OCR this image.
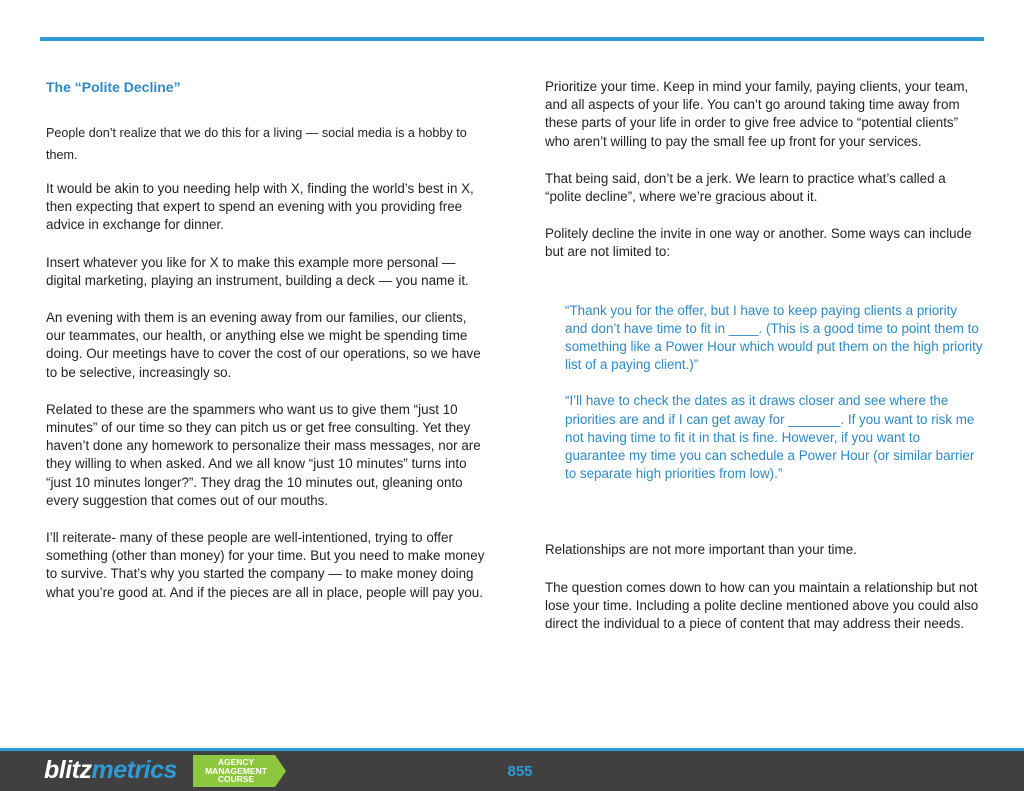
The “Polite Decline”

People don’t realize that we do this for a living — social media is a hobby to them.

It would be akin to you needing help with X, finding the world’s best in X, then expecting that expert to spend an evening with you providing free advice in exchange for dinner.

Insert whatever you like for X to make this example more personal — digital marketing, playing an instrument, building a deck — you name it.

An evening with them is an evening away from our families, our clients, our teammates, our health, or anything else we might be spending time doing. Our meetings have to cover the cost of our operations, so we have to be selective, increasingly so.

Related to these are the spammers who want us to give them “just 10 minutes” of our time so they can pitch us or get free consulting. Yet they haven’t done any homework to personalize their mass messages, nor are they willing to when asked. And we all know “just 10 minutes” turns into “just 10 minutes longer?”. They drag the 10 minutes out, gleaning onto every suggestion that comes out of our mouths.

I’ll reiterate- many of these people are well-intentioned, trying to offer something (other than money) for your time. But you need to make money to survive. That’s why you started the company — to make money doing what you’re good at. And if the pieces are all in place, people will pay you.

Prioritize your time. Keep in mind your family, paying clients, your team, and all aspects of your life. You can’t go around taking time away from these parts of your life in order to give free advice to “potential clients” who aren’t willing to pay the small fee up front for your services.

That being said, don’t be a jerk. We learn to practice what’s called a “polite decline”, where we’re gracious about it.

Politely decline the invite in one way or another. Some ways can include but are not limited to:

“Thank you for the offer, but I have to keep paying clients a priority and don’t have time to fit in ____. (This is a good time to point them to something like a Power Hour which would put them on the high priority list of a paying client.)”

“I’ll have to check the dates as it draws closer and see where the priorities are and if I can get away for _______. If you want to risk me not having time to fit it in that is fine. However, if you want to guarantee my time you can schedule a Power Hour (or similar barrier to separate high priorities from low).”

Relationships are not more important than your time.

The question comes down to how can you maintain a relationship but not lose your time. Including a polite decline mentioned above you could also direct the individual to a piece of content that may address their needs.

blitzmetrics	AGENCY
MANAGEMENT
COURSE	855
